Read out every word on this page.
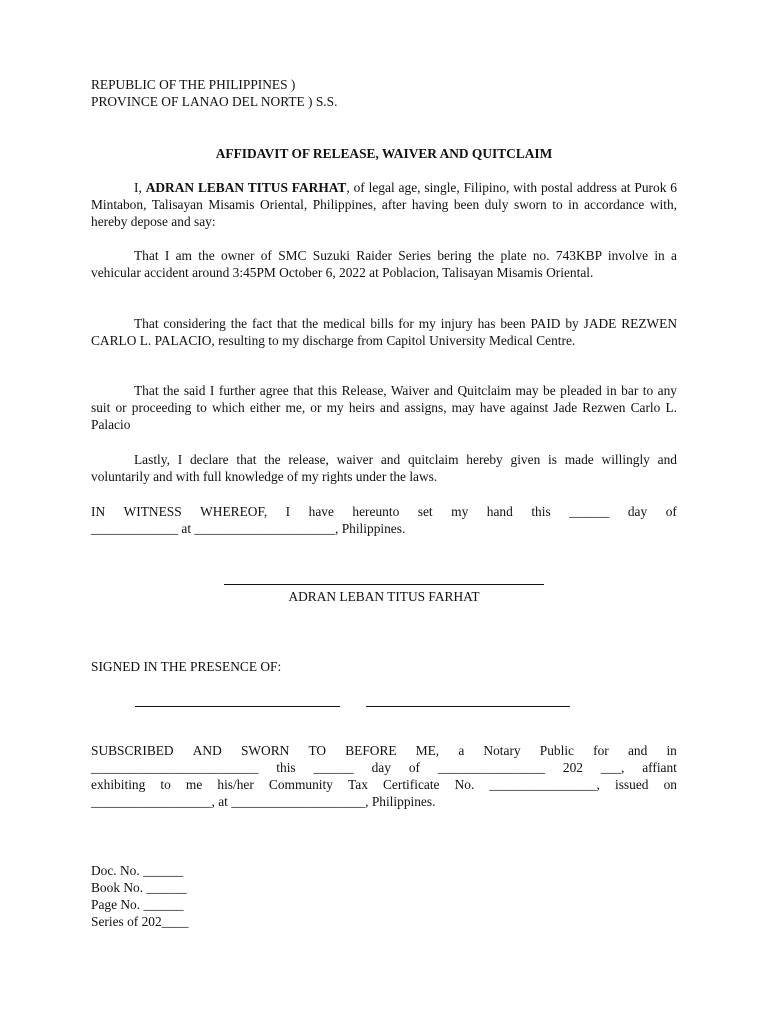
REPUBLIC OF THE PHILIPPINES )
PROVINCE OF LANAO DEL NORTE ) S.S.
AFFIDAVIT OF RELEASE, WAIVER AND QUITCLAIM
I, ADRAN LEBAN TITUS FARHAT, of legal age, single, Filipino, with postal address at Purok 6 Mintabon, Talisayan Misamis Oriental, Philippines, after having been duly sworn to in accordance with, hereby depose and say:
That I am the owner of SMC Suzuki Raider Series bering the plate no. 743KBP involve in a vehicular accident around 3:45PM October 6, 2022 at Poblacion, Talisayan Misamis Oriental.
That considering the fact that the medical bills for my injury has been PAID by JADE REZWEN CARLO L. PALACIO, resulting to my discharge from Capitol University Medical Centre.
That the said I further agree that this Release, Waiver and Quitclaim may be pleaded in bar to any suit or proceeding to which either me, or my heirs and assigns, may have against Jade Rezwen Carlo L. Palacio
Lastly, I declare that the release, waiver and quitclaim hereby given is made willingly and voluntarily and with full knowledge of my rights under the laws.
IN WITNESS WHEREOF, I have hereunto set my hand this ______ day of
_____________ at _____________________, Philippines.
ADRAN LEBAN TITUS FARHAT
SIGNED IN THE PRESENCE OF:
SUBSCRIBED AND SWORN TO BEFORE ME, a Notary Public for and in
_________________________ this ______ day of ________________ 202 ___, affiant
exhibiting to me his/her Community Tax Certificate No. ________________, issued on
__________________, at ____________________, Philippines.
Doc. No. ______
Book No. ______
Page No. ______
Series of 202____
